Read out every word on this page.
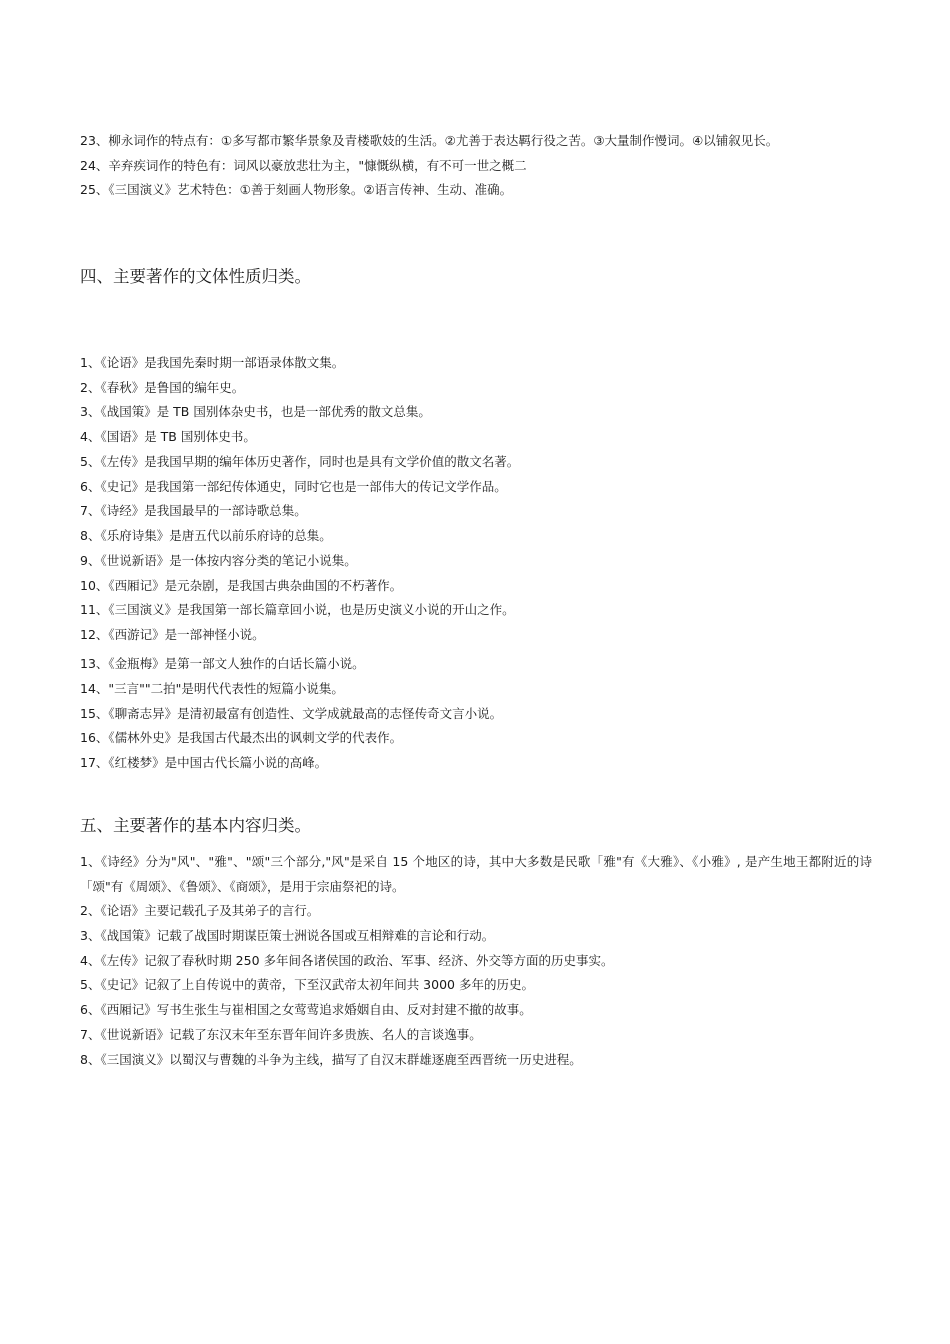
23、柳永词作的特点有：①多写都市繁华景象及青楼歌妓的生活。②尤善于表达羁行役之苦。③大量制作慢词。④以铺叙见长。
24、辛弃疾词作的特色有：词风以豪放悲壮为主，"慷慨纵横，有不可一世之概二
25、《三国演义》艺术特色：①善于刻画人物形象。②语言传神、生动、准确。
四、主要著作的文体性质归类。
1、《论语》是我国先秦时期一部语录体散文集。
2、《春秋》是鲁国的编年史。
3、《战国策》是 TB 国别体杂史书，也是一部优秀的散文总集。
4、《国语》是 TB 国别体史书。
5、《左传》是我国早期的编年体历史著作，同时也是具有文学价值的散文名著。
6、《史记》是我国第一部纪传体通史，同时它也是一部伟大的传记文学作品。
7、《诗经》是我国最早的一部诗歌总集。
8、《乐府诗集》是唐五代以前乐府诗的总集。
9、《世说新语》是一体按内容分类的笔记小说集。
10、《西厢记》是元杂剧，是我国古典杂曲国的不朽著作。
11、《三国演义》是我国第一部长篇章回小说，也是历史演义小说的开山之作。
12、《西游记》是一部神怪小说。
13、《金瓶梅》是第一部文人独作的白话长篇小说。
14、"三言""二拍"是明代代表性的短篇小说集。
15、《聊斋志异》是清初最富有创造性、文学成就最高的志怪传奇文言小说。
16、《儒林外史》是我国古代最杰出的讽刺文学的代表作。
17、《红楼梦》是中国古代长篇小说的高峰。
五、主要著作的基本内容归类。
1、《诗经》分为"风"、"雅"、"颂"三个部分,"风"是采自 15 个地区的诗，其中大多数是民歌「雅"有《大雅》、《小雅》, 是产生地王都附近的诗「颂"有《周颂》、《鲁颂》、《商颂》，是用于宗庙祭祀的诗。
2、《论语》主要记载孔子及其弟子的言行。
3、《战国策》记载了战国时期谋臣策士洲说各国或互相辩难的言论和行动。
4、《左传》记叙了春秋时期 250 多年间各诸侯国的政治、军事、经济、外交等方面的历史事实。
5、《史记》记叙了上自传说中的黄帝，下至汉武帝太初年间共 3000 多年的历史。
6、《西厢记》写书生张生与崔相国之女莺莺追求婚姻自由、反对封建不撤的故事。
7、《世说新语》记载了东汉末年至东晋年间许多贵族、名人的言谈逸事。
8、《三国演义》以蜀汉与曹魏的斗争为主线，描写了自汉末群雄逐鹿至西晋统一历史进程。
